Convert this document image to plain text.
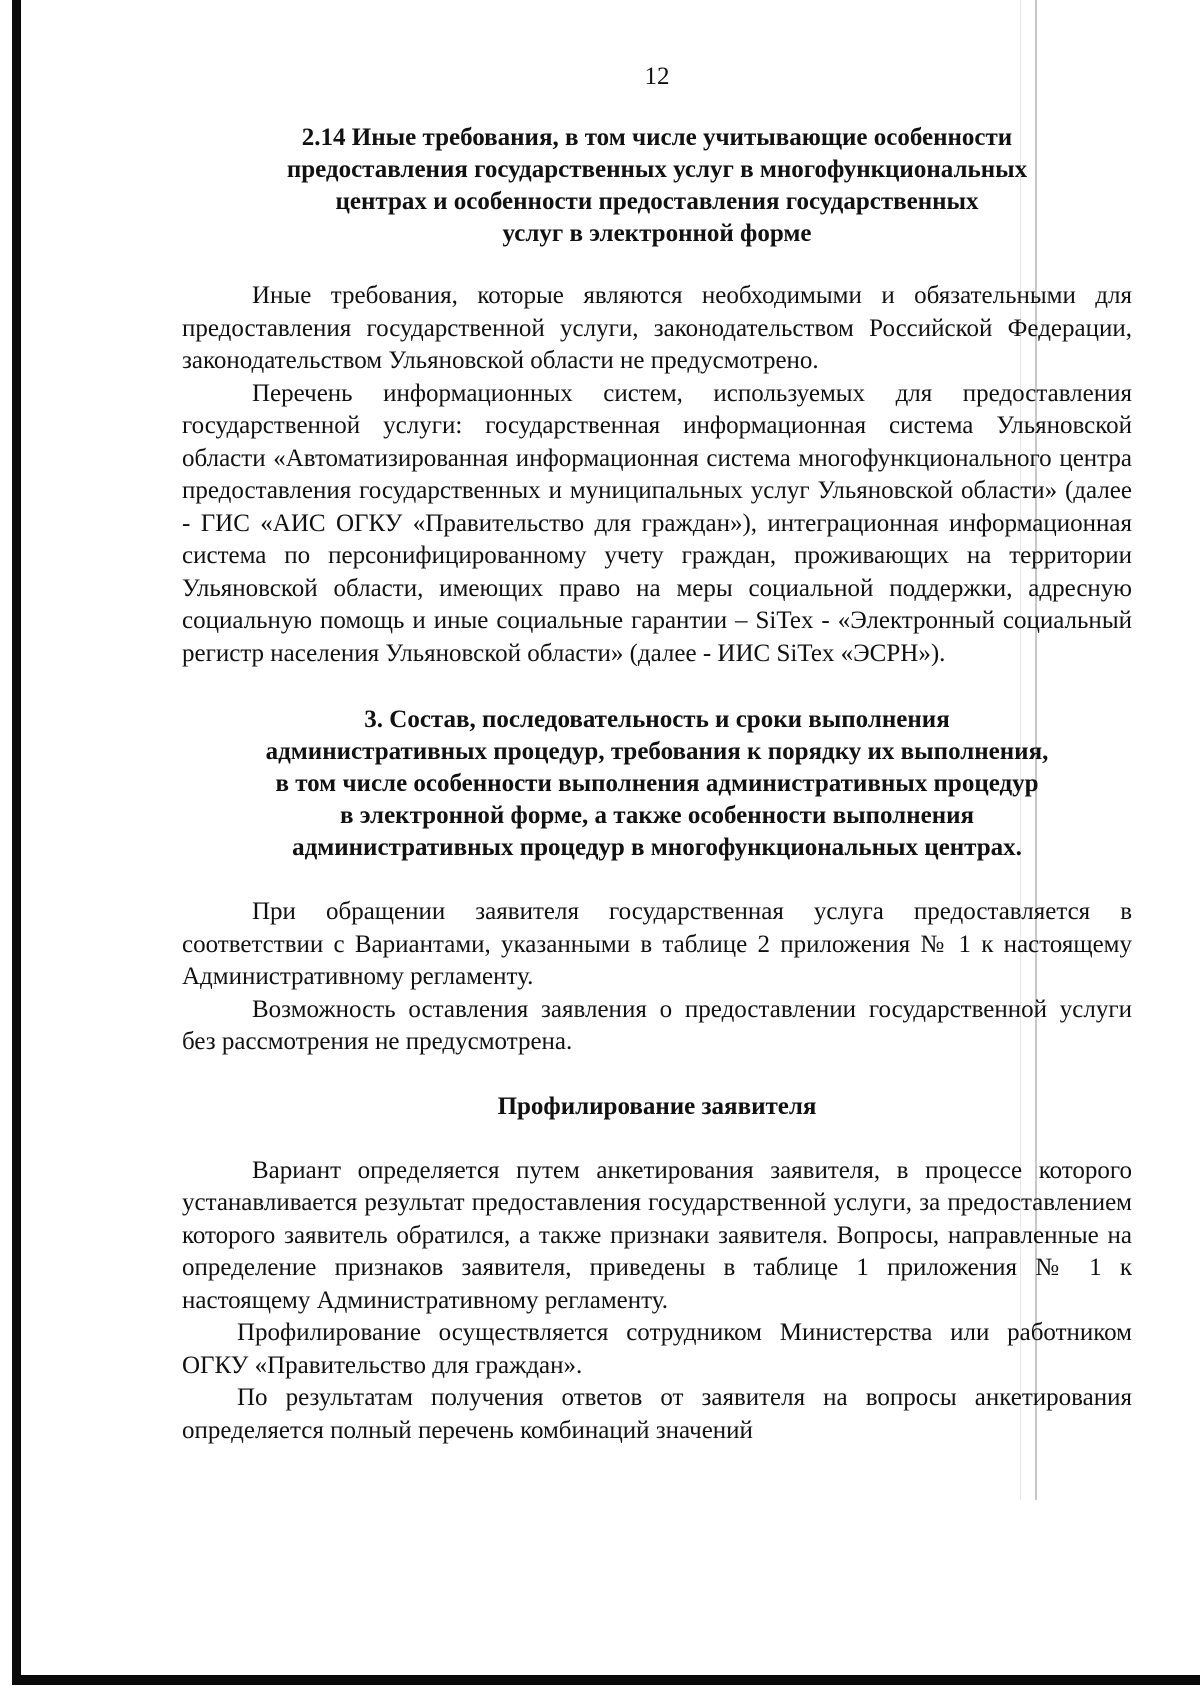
12
2.14 Иные требования, в том числе учитывающие особенности
предоставления государственных услуг в многофункциональных
центрах и особенности предоставления государственных
услуг в электронной форме

Иные требования, которые являются необходимыми и обязательными для предоставления государственной услуги, законодательством Российской Федерации, законодательством Ульяновской области не предусмотрено.

Перечень информационных систем, используемых для предоставления государственной услуги: государственная информационная система Ульяновской области «Автоматизированная информационная система многофункционального центра предоставления государственных и муниципальных услуг Ульяновской области» (далее - ГИС «АИС ОГКУ «Правительство для граждан»), интеграционная информационная система по персонифицированному учету граждан, проживающих на территории Ульяновской области, имеющих право на меры социальной поддержки, адресную социальную помощь и иные социальные гарантии – SiTex - «Электронный социальный регистр населения Ульяновской области» (далее - ИИС SiTex «ЭСРН»).

3. Состав, последовательность и сроки выполнения
административных процедур, требования к порядку их выполнения,
в том числе особенности выполнения административных процедур
в электронной форме, а также особенности выполнения
административных процедур в многофункциональных центрах.

При обращении заявителя государственная услуга предоставляется в соответствии с Вариантами, указанными в таблице 2 приложения № 1 к настоящему Административному регламенту.

Возможность оставления заявления о предоставлении государственной услуги без рассмотрения не предусмотрена.

Профилирование заявителя

Вариант определяется путем анкетирования заявителя, в процессе которого устанавливается результат предоставления государственной услуги, за предоставлением которого заявитель обратился, а также признаки заявителя. Вопросы, направленные на определение признаков заявителя, приведены в таблице 1 приложения № 1 к настоящему Административному регламенту.

Профилирование осуществляется сотрудником Министерства или работником ОГКУ «Правительство для граждан».

По результатам получения ответов от заявителя на вопросы анкетирования определяется полный перечень комбинаций значений
